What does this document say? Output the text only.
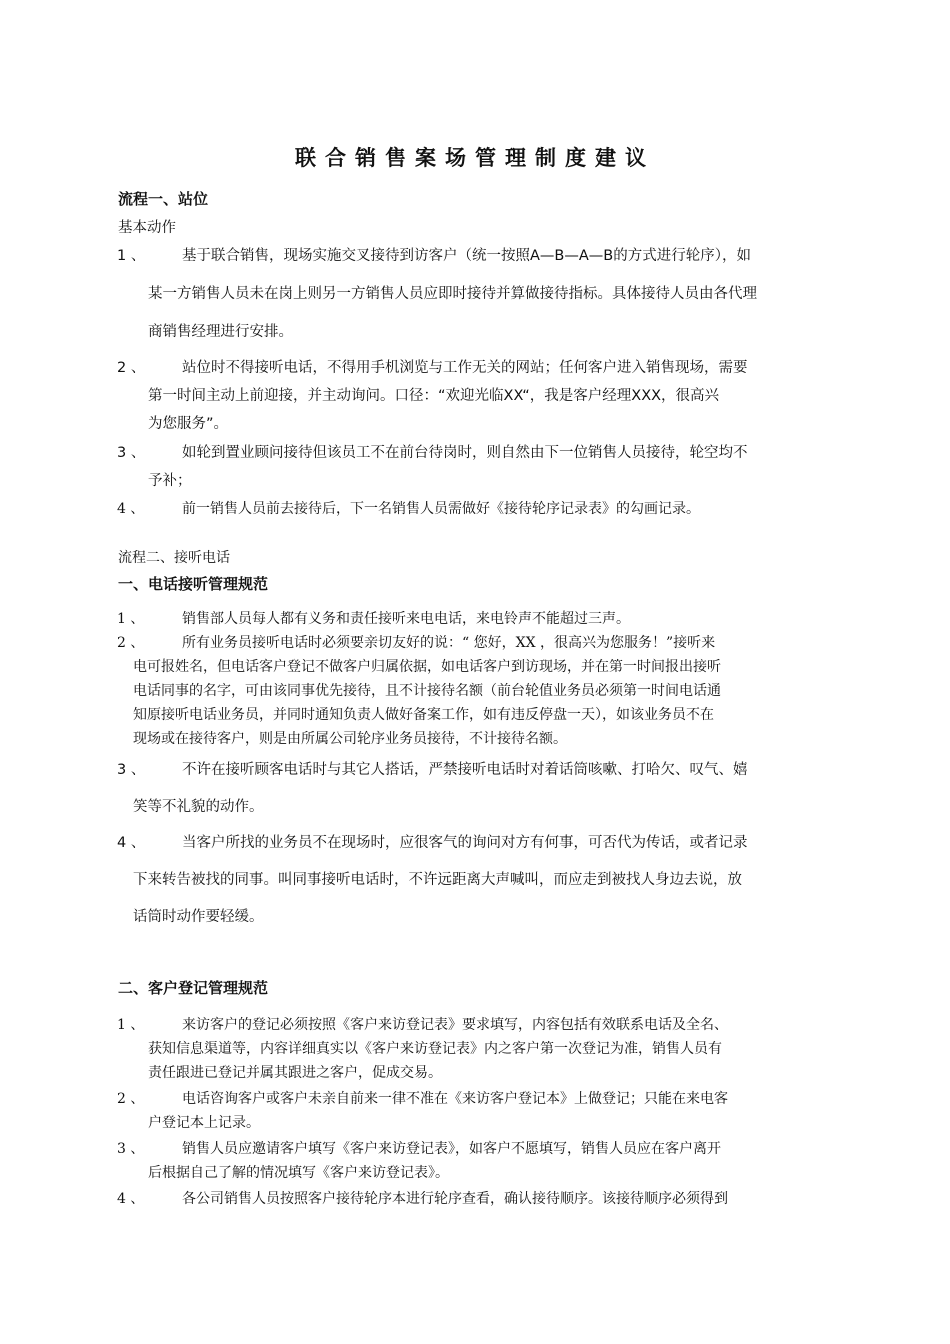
联合销售案场管理制度建议
流程一、站位
基本动作
1 、	基于联合销售，现场实施交叉接待到访客户（统一按照A—B—A—B的方式进行轮序），如
某一方销售人员未在岗上则另一方销售人员应即时接待并算做接待指标。具体接待人员由各代理
商销售经理进行安排。
2 、	站位时不得接听电话，不得用手机浏览与工作无关的网站；任何客户进入销售现场，需要
第一时间主动上前迎接，并主动询问。口径：“欢迎光临XX“，我是客户经理XXX，很高兴
为您服务”。
3 、	如轮到置业顾问接待但该员工不在前台待岗时，则自然由下一位销售人员接待，轮空均不
予补；
4 、	前一销售人员前去接待后，下一名销售人员需做好《接待轮序记录表》的勾画记录。
流程二、接听电话
一、电话接听管理规范
1 、	销售部人员每人都有义务和责任接听来电电话，来电铃声不能超过三声。
2 、	所有业务员接听电话时必须要亲切友好的说：“ 您好，XX ，很高兴为您服务！”接听来
电可报姓名，但电话客户登记不做客户归属依据，如电话客户到访现场，并在第一时间报出接听
电话同事的名字，可由该同事优先接待，且不计接待名额（前台轮值业务员必须第一时间电话通
知原接听电话业务员，并同时通知负责人做好备案工作，如有违反停盘一天），如该业务员不在
现场或在接待客户，则是由所属公司轮序业务员接待，不计接待名额。
3 、	不许在接听顾客电话时与其它人搭话，严禁接听电话时对着话筒咳嗽、打哈欠、叹气、嬉
笑等不礼貌的动作。
4 、	当客户所找的业务员不在现场时，应很客气的询问对方有何事，可否代为传话，或者记录
下来转告被找的同事。叫同事接听电话时，不许远距离大声喊叫，而应走到被找人身边去说，放
话筒时动作要轻缓。
二、客户登记管理规范
1 、	来访客户的登记必须按照《客户来访登记表》要求填写，内容包括有效联系电话及全名、
获知信息渠道等，内容详细真实以《客户来访登记表》内之客户第一次登记为准，销售人员有
责任跟进已登记并属其跟进之客户，促成交易。
2 、	电话咨询客户或客户未亲自前来一律不准在《来访客户登记本》上做登记；只能在来电客
户登记本上记录。
3 、	销售人员应邀请客户填写《客户来访登记表》，如客户不愿填写，销售人员应在客户离开
后根据自己了解的情况填写《客户来访登记表》。
4 、	各公司销售人员按照客户接待轮序本进行轮序查看，确认接待顺序。该接待顺序必须得到
